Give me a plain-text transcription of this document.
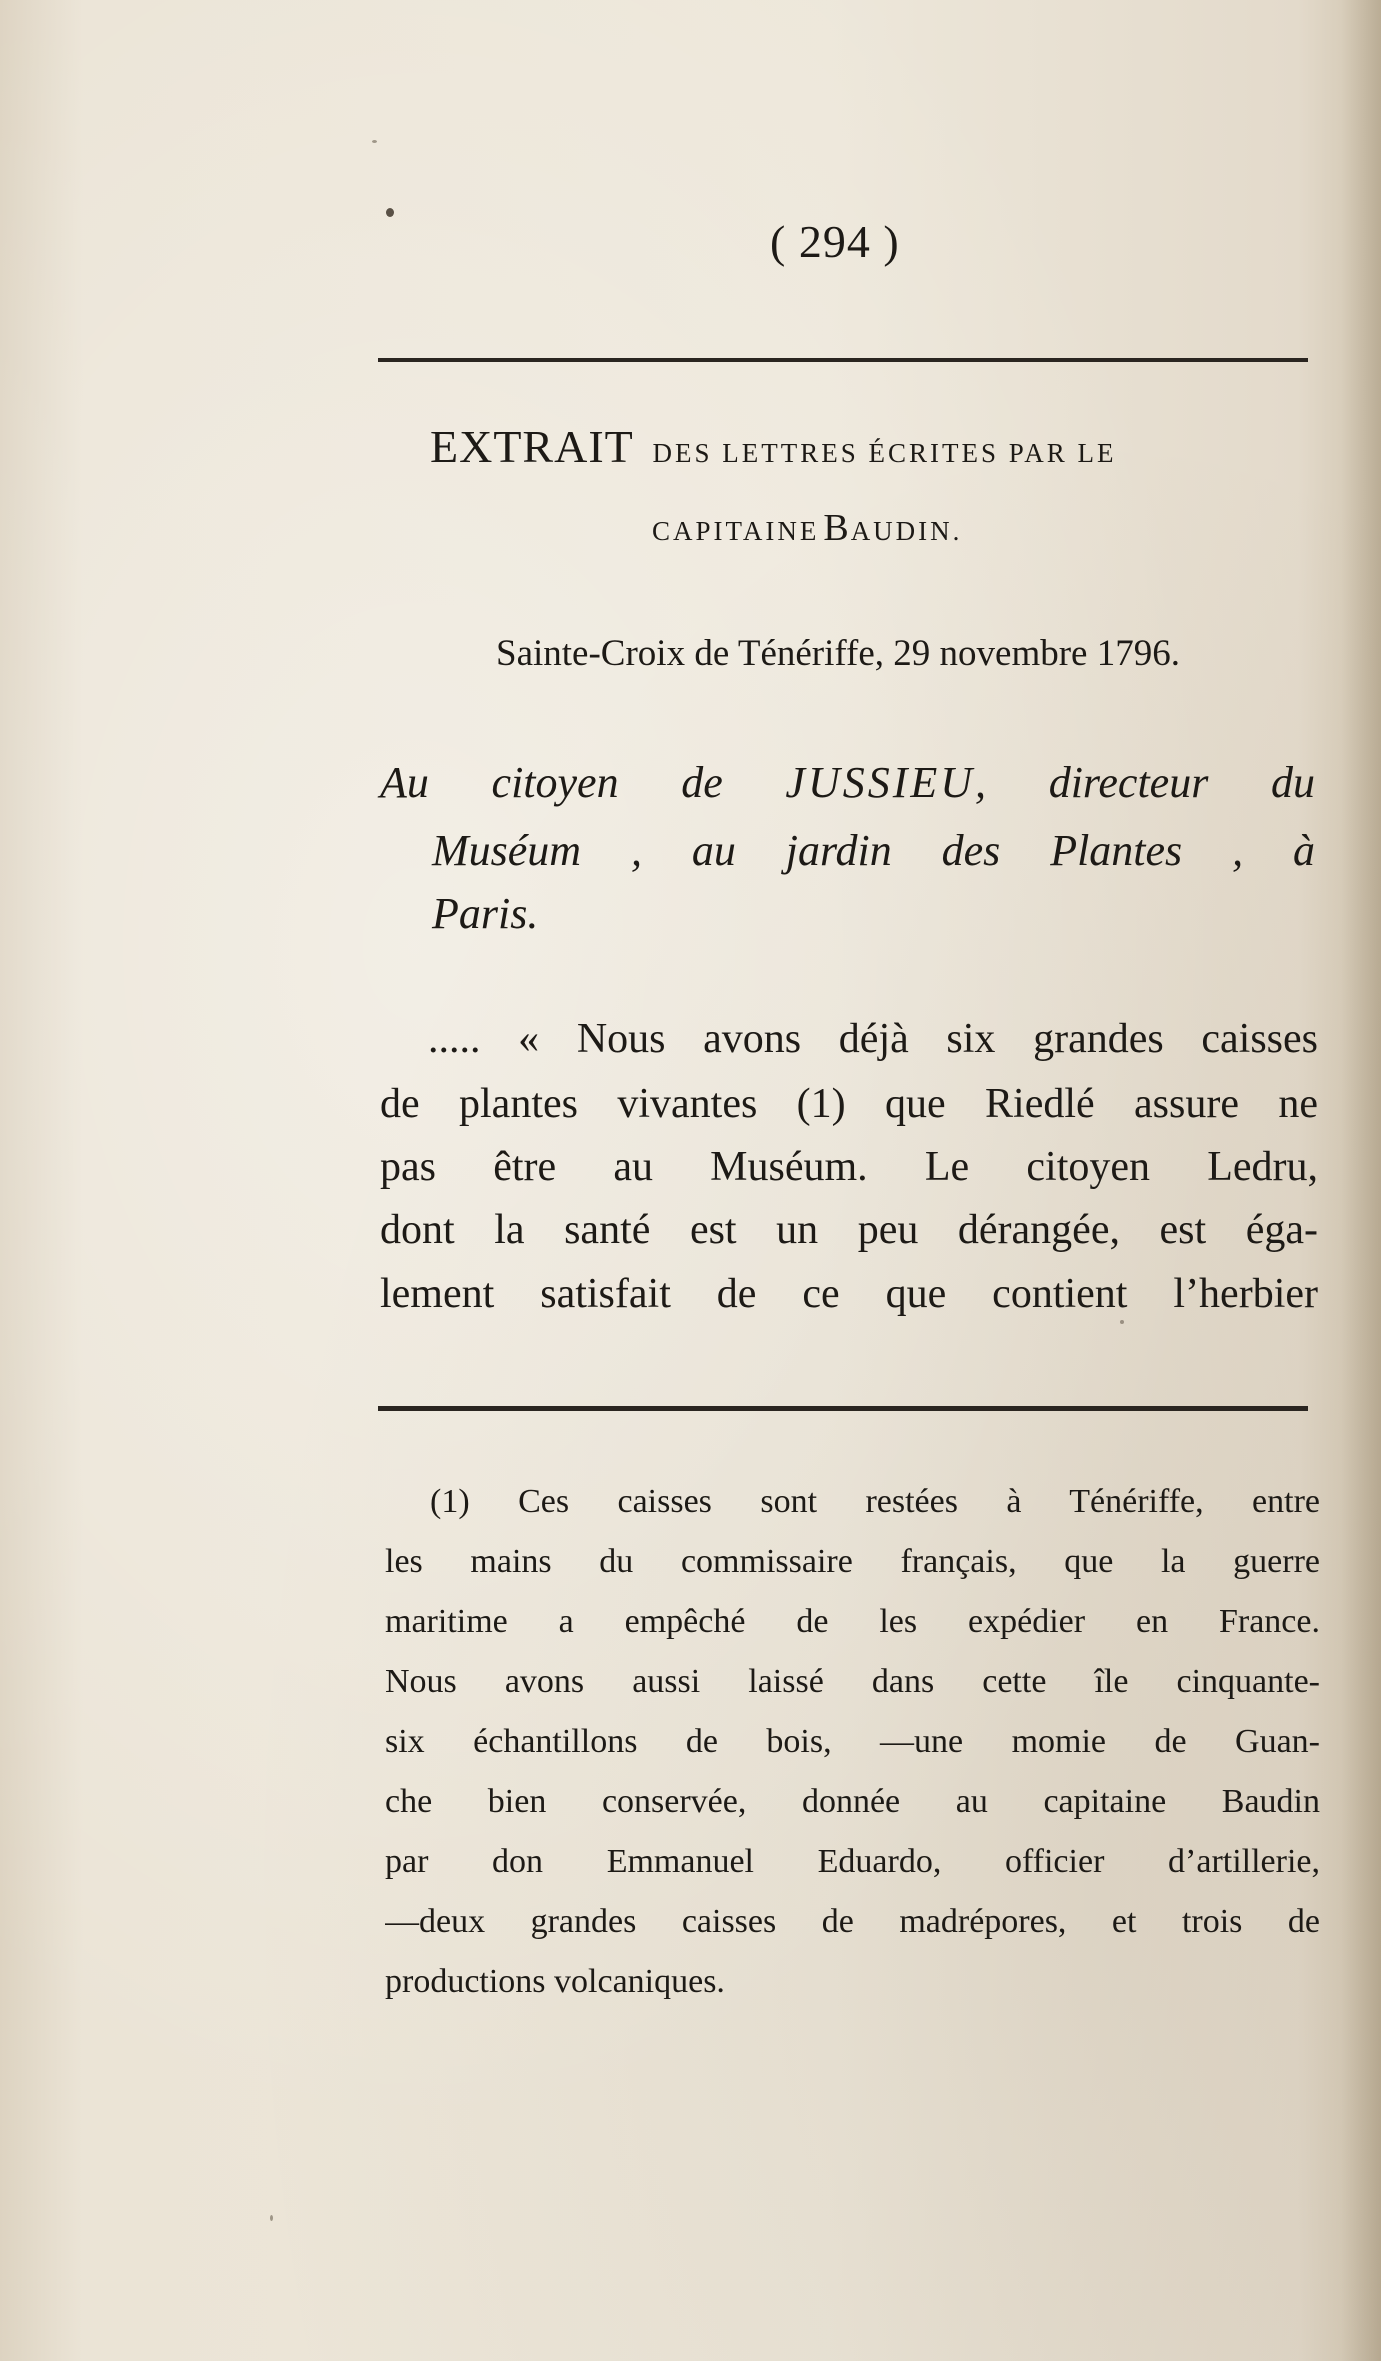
( 294 )
EXTRAIT DES LETTRES ÉCRITES PAR LE
CAPITAINE BAUDIN.
Sainte-Croix de Ténériffe, 29 novembre 1796.
Au citoyen de JUSSIEU, directeur du
Muséum , au jardin des Plantes , à
Paris.
..... « Nous avons déjà six grandes caisses
de plantes vivantes (1) que Riedlé assure ne
pas être au Muséum. Le citoyen Ledru,
dont la santé est un peu dérangée, est éga-
lement satisfait de ce que contient l’herbier
(1) Ces caisses sont restées à Ténériffe, entre
les mains du commissaire français, que la guerre
maritime a empêché de les expédier en France.
Nous avons aussi laissé dans cette île cinquante-
six échantillons de bois, —une momie de Guan-
che bien conservée, donnée au capitaine Baudin
par don Emmanuel Eduardo, officier d’artillerie,
—deux grandes caisses de madrépores, et trois de
productions volcaniques.
